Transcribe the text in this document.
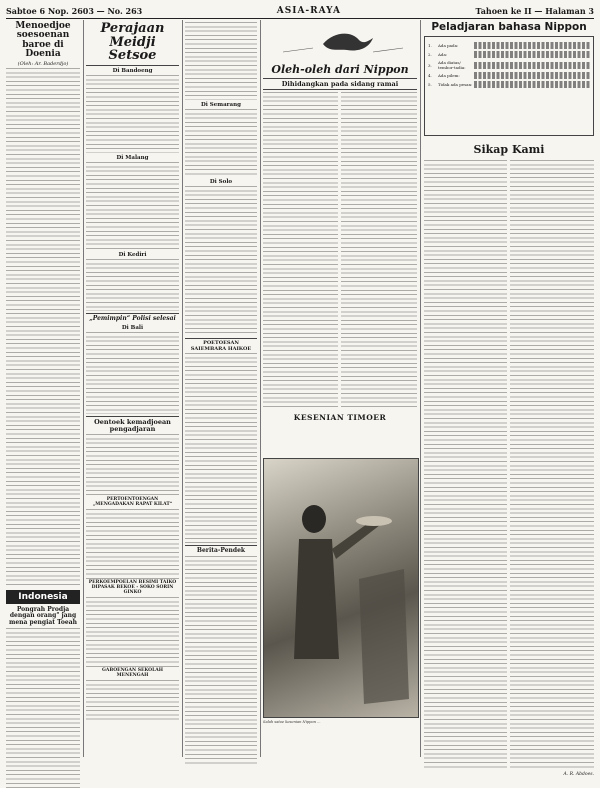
Sabtoe 6 Nop. 2603 — No. 263	ASIA-RAYA	Tahoen ke II — Halaman 3
Menoedjoe soesoenan baroe di Doenia
(Oleh: Ar. Baderdjo)
Indonesia
Pongrah Prodja dengan orang" jang mena pengiat Toeah
Perajaan Meidji Setsoe
Di Bandoeng
Di Malang
Di Kediri
„Pemimpin“ Polisi selesai
Di Bali
Oentoek kemadjoean pengadjaran
PERTOENTOENGAN „MENGADAKAN RAPAT KILAT“
PERKOEMPOELAN BESIMI TAIKO DIPASAK BEKOE - SOKO SORIN GINKO
GABOENGAN SEKOLAH MENENGAH
Di Semarang
Di Solo
POETOESAN SAIEMBARA HAIKOE
Berita-Pendek
Oleh-oleh dari Nippon
Dihidangkan pada sidang ramai
KESENIAN TIMOER
Salah satoe kesenian Nippon ...
Peladjaran bahasa Nippon
1.	Ada pada:
2.	Ada:
3.	Ada diatas/ tembor-tadia:
4.	Ada pilem:
5.	Tidak ada pesan:
Sikap Kami
A. R. Abdoes.
